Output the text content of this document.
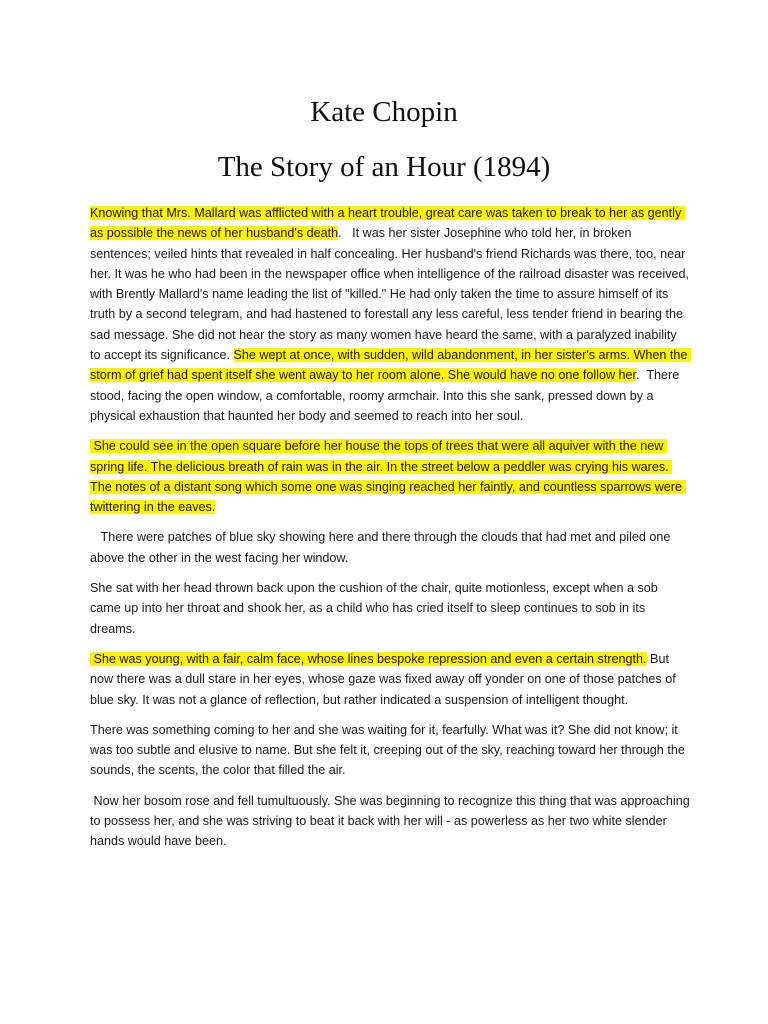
Kate Chopin
The Story of an Hour (1894)

Knowing that Mrs. Mallard was afflicted with a heart trouble, great care was taken to break to her as gently as possible the news of her husband's death.   It was her sister Josephine who told her, in broken sentences; veiled hints that revealed in half concealing. Her husband's friend Richards was there, too, near her. It was he who had been in the newspaper office when intelligence of the railroad disaster was received, with Brently Mallard's name leading the list of "killed." He had only taken the time to assure himself of its truth by a second telegram, and had hastened to forestall any less careful, less tender friend in bearing the sad message. She did not hear the story as many women have heard the same, with a paralyzed inability to accept its significance. She wept at once, with sudden, wild abandonment, in her sister's arms. When the storm of grief had spent itself she went away to her room alone. She would have no one follow her.  There stood, facing the open window, a comfortable, roomy armchair. Into this she sank, pressed down by a physical exhaustion that haunted her body and seemed to reach into her soul.

She could see in the open square before her house the tops of trees that were all aquiver with the new spring life. The delicious breath of rain was in the air. In the street below a peddler was crying his wares. The notes of a distant song which some one was singing reached her faintly, and countless sparrows were twittering in the eaves.

There were patches of blue sky showing here and there through the clouds that had met and piled one above the other in the west facing her window.

She sat with her head thrown back upon the cushion of the chair, quite motionless, except when a sob came up into her throat and shook her, as a child who has cried itself to sleep continues to sob in its dreams.

She was young, with a fair, calm face, whose lines bespoke repression and even a certain strength. But now there was a dull stare in her eyes, whose gaze was fixed away off yonder on one of those patches of blue sky. It was not a glance of reflection, but rather indicated a suspension of intelligent thought.

There was something coming to her and she was waiting for it, fearfully. What was it? She did not know; it was too subtle and elusive to name. But she felt it, creeping out of the sky, reaching toward her through the sounds, the scents, the color that filled the air.

Now her bosom rose and fell tumultuously. She was beginning to recognize this thing that was approaching to possess her, and she was striving to beat it back with her will - as powerless as her two white slender hands would have been.
